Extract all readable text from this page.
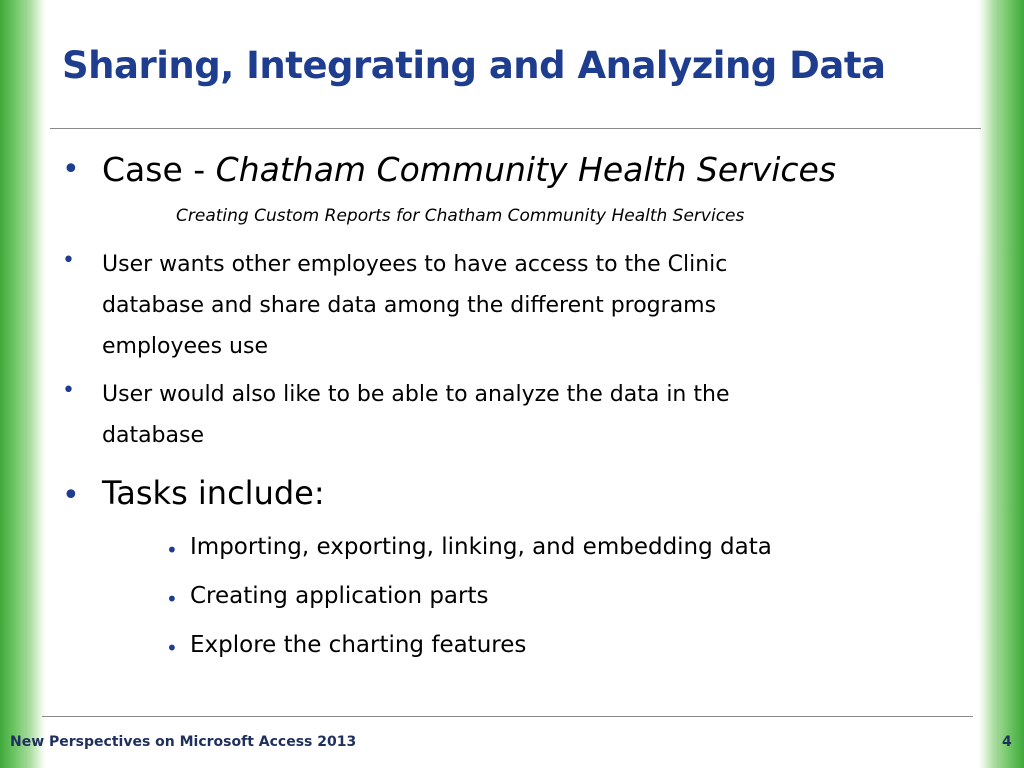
Sharing, Integrating and Analyzing Data
• Case - Chatham Community Health Services
Creating Custom Reports for Chatham Community Health Services
• User wants other employees to have access to the Clinic
database and share data among the different programs
employees use
• User would also like to be able to analyze the data in the
database
• Tasks include:
• Importing, exporting, linking, and embedding data
• Creating application parts
• Explore the charting features
New Perspectives on Microsoft Access 2013	4
